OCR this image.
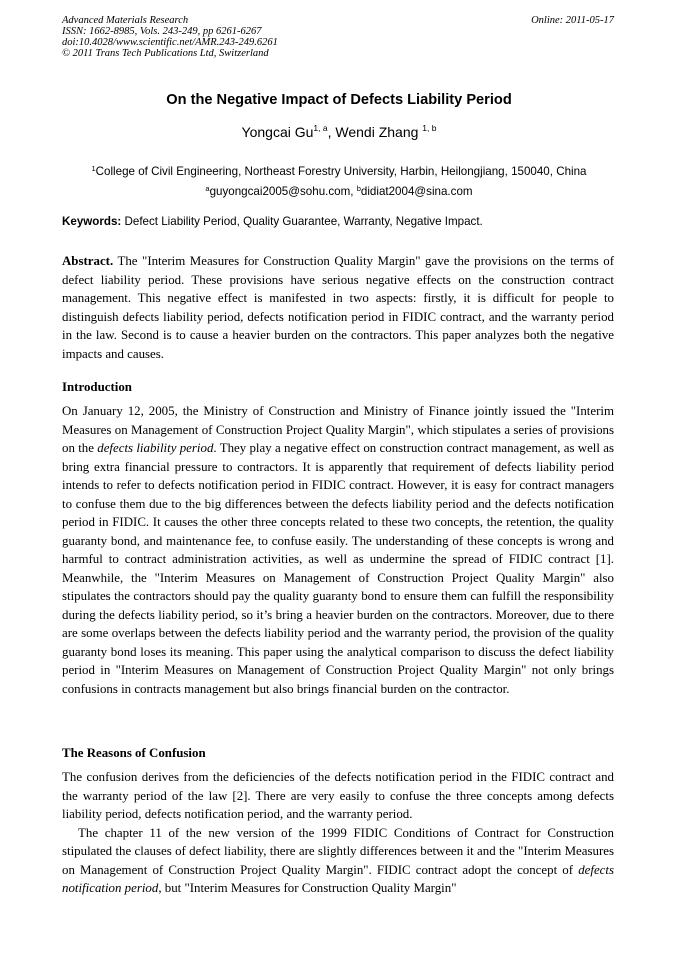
Advanced Materials Research
ISSN: 1662-8985, Vols. 243-249, pp 6261-6267
doi:10.4028/www.scientific.net/AMR.243-249.6261
© 2011 Trans Tech Publications Ltd, Switzerland
Online: 2011-05-17
On the Negative Impact of Defects Liability Period
Yongcai Gu$^{1, a}$, Wendi Zhang $^{1, b}$
$^1$College of Civil Engineering, Northeast Forestry University, Harbin, Heilongjiang, 150040, China
$^a$guyongcai2005@sohu.com, $^b$didiat2004@sina.com
Keywords: Defect Liability Period, Quality Guarantee, Warranty, Negative Impact.

Abstract. The "Interim Measures for Construction Quality Margin" gave the provisions on the terms of defect liability period. These provisions have serious negative effects on the construction contract management. This negative effect is manifested in two aspects: firstly, it is difficult for people to distinguish defects liability period, defects notification period in FIDIC contract, and the warranty period in the law. Second is to cause a heavier burden on the contractors. This paper analyzes both the negative impacts and causes.

Introduction

On January 12, 2005, the Ministry of Construction and Ministry of Finance jointly issued the "Interim Measures on Management of Construction Project Quality Margin", which stipulates a series of provisions on the defects liability period. They play a negative effect on construction contract management, as well as bring extra financial pressure to contractors. It is apparently that requirement of defects liability period intends to refer to defects notification period in FIDIC contract. However, it is easy for contract managers to confuse them due to the big differences between the defects liability period and the defects notification period in FIDIC. It causes the other three concepts related to these two concepts, the retention, the quality guaranty bond, and maintenance fee, to confuse easily. The understanding of these concepts is wrong and harmful to contract administration activities, as well as undermine the spread of FIDIC contract [1]. Meanwhile, the "Interim Measures on Management of Construction Project Quality Margin" also stipulates the contractors should pay the quality guaranty bond to ensure them can fulfill the responsibility during the defects liability period, so it’s bring a heavier burden on the contractors. Moreover, due to there are some overlaps between the defects liability period and the warranty period, the provision of the quality guaranty bond loses its meaning. This paper using the analytical comparison to discuss the defect liability period in "Interim Measures on Management of Construction Project Quality Margin" not only brings confusions in contracts management but also brings financial burden on the contractor.

The Reasons of Confusion

The confusion derives from the deficiencies of the defects notification period in the FIDIC contract and the warranty period of the law [2]. There are very easily to confuse the three concepts among defects liability period, defects notification period, and the warranty period.

The chapter 11 of the new version of the 1999 FIDIC Conditions of Contract for Construction stipulated the clauses of defect liability, there are slightly differences between it and the "Interim Measures on Management of Construction Project Quality Margin". FIDIC contract adopt the concept of defects notification period, but "Interim Measures for Construction Quality Margin"
